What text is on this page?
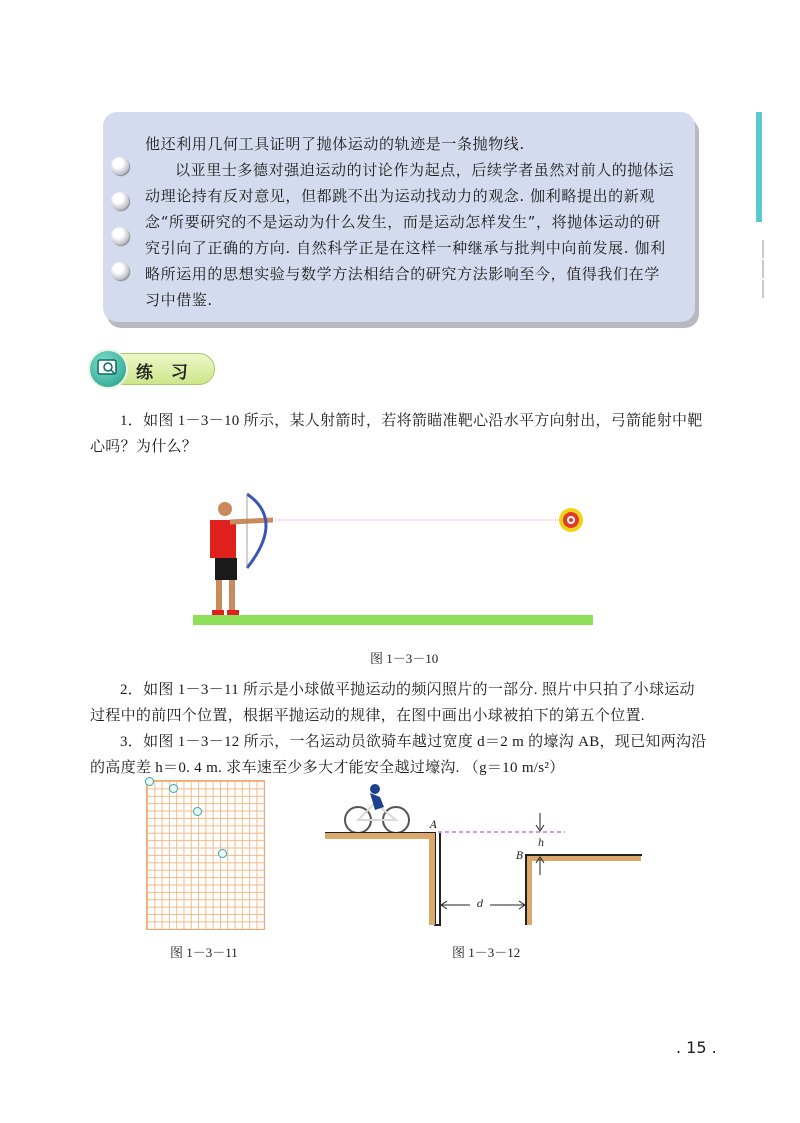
他还利用几何工具证明了抛体运动的轨迹是一条抛物线.

以亚里士多德对强迫运动的讨论作为起点，后续学者虽然对前人的抛体运动理论持有反对意见，但都跳不出为运动找动力的观念. 伽利略提出的新观念“所要研究的不是运动为什么发生，而是运动怎样发生”，将抛体运动的研究引向了正确的方向. 自然科学正是在这样一种继承与批判中向前发展. 伽利略所运用的思想实验与数学方法相结合的研究方法影响至今，值得我们在学习中借鉴.

练 习

1．如图 1－3－10 所示，某人射箭时，若将箭瞄准靶心沿水平方向射出，弓箭能射中靶心吗？为什么？

图 1－3－10

2．如图 1－3－11 所示是小球做平抛运动的频闪照片的一部分. 照片中只拍了小球运动过程中的前四个位置，根据平抛运动的规律，在图中画出小球被拍下的第五个位置.

3．如图 1－3－12 所示，一名运动员欲骑车越过宽度 d＝2 m 的壕沟 AB，现已知两沟沿的高度差 h＝0. 4 m. 求车速至少多大才能安全越过壕沟. （g＝10 m/s²）

图 1－3－11
A
B
d
h
图 1－3－12
. 15 .
